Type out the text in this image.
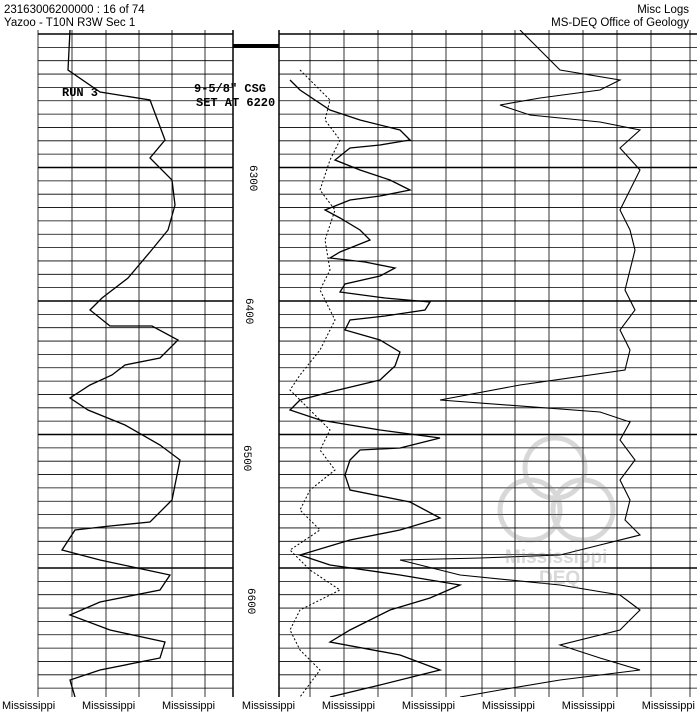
23163006200000 : 16 of 74
Yazoo - T10N R3W Sec 1
Misc Logs
MS-DEQ Office of Geology
6300
6400
6500
6600
RUN 3	9-5/8" CSG
SET AT 6220
Mississippi
DEQ
Mississippi Mississippi Mississippi Mississippi Mississippi Mississippi Mississippi Mississippi Mississippi
